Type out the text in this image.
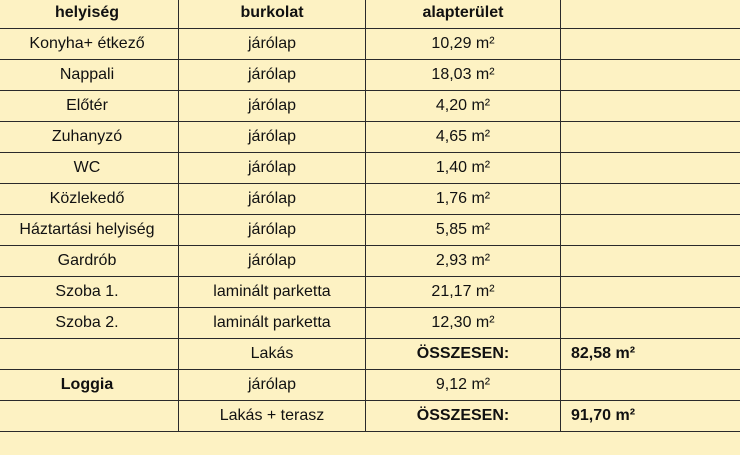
helyiség	burkolat	alapterület	
Konyha+ étkező	járólap	10,29 m²	
Nappali	járólap	18,03 m²	
Előtér	járólap	4,20 m²	
Zuhanyzó	járólap	4,65 m²	
WC	járólap	1,40 m²	
Közlekedő	járólap	1,76 m²	
Háztartási helyiség	járólap	5,85 m²	
Gardrób	járólap	2,93 m²	
Szoba 1.	laminált parketta	21,17 m²	
Szoba 2.	laminált parketta	12,30 m²	
	Lakás	ÖSSZESEN:	82,58 m²
Loggia	járólap	9,12 m²	
	Lakás + terasz	ÖSSZESEN:	91,70 m²
